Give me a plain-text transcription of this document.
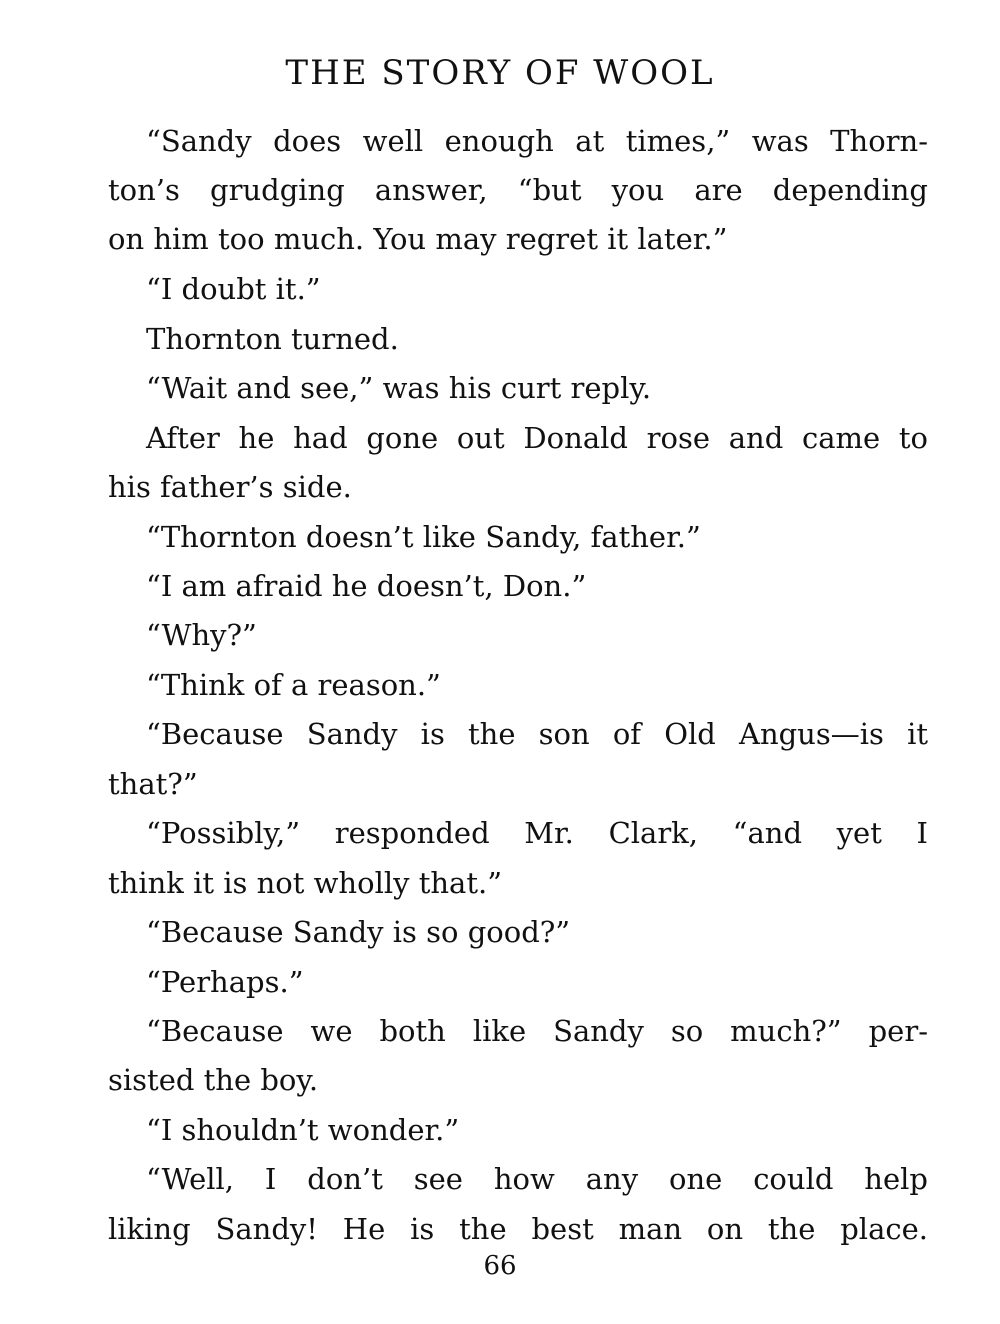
THE STORY OF WOOL
“Sandy does well enough at times,” was Thorn-
ton’s grudging answer, “but you are depending
on him too much. You may regret it later.”
“I doubt it.”
Thornton turned.
“Wait and see,” was his curt reply.
After he had gone out Donald rose and came to
his father’s side.
“Thornton doesn’t like Sandy, father.”
“I am afraid he doesn’t, Don.”
“Why?”
“Think of a reason.”
“Because Sandy is the son of Old Angus—is it
that?”
“Possibly,” responded Mr. Clark, “and yet I
think it is not wholly that.”
“Because Sandy is so good?”
“Perhaps.”
“Because we both like Sandy so much?” per-
sisted the boy.
“I shouldn’t wonder.”
“Well, I don’t see how any one could help
liking Sandy! He is the best man on the place.
66
